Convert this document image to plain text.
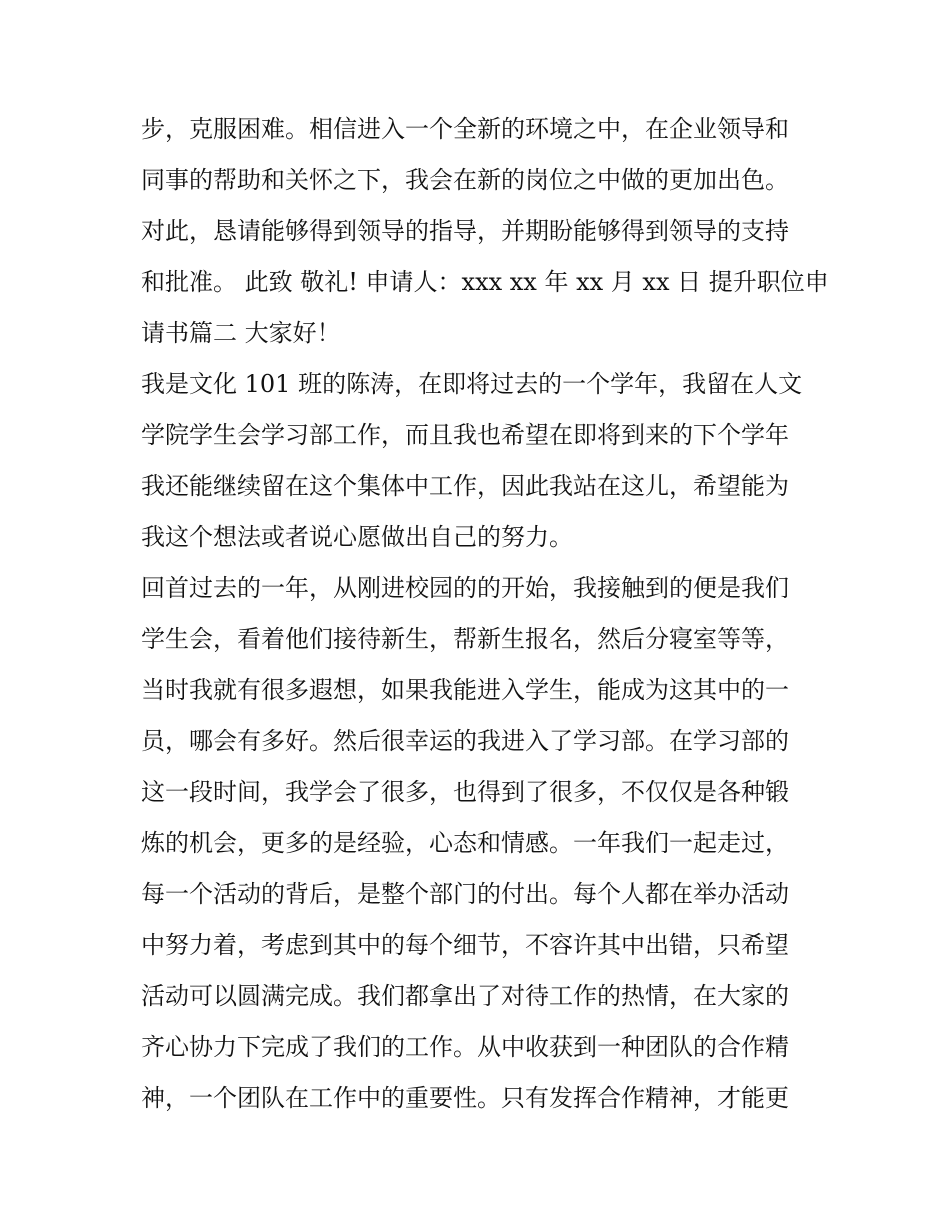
步，克服困难。相信进入一个全新的环境之中，在企业领导和
同事的帮助和关怀之下，我会在新的岗位之中做的更加出色。
对此，恳请能够得到领导的指导，并期盼能够得到领导的支持
和批准。 此致 敬礼! 申请人：xxx xx 年 xx 月 xx 日 提升职位申
请书篇二 大家好！
我是文化 101 班的陈涛，在即将过去的一个学年，我留在人文
学院学生会学习部工作，而且我也希望在即将到来的下个学年
我还能继续留在这个集体中工作，因此我站在这儿，希望能为
我这个想法或者说心愿做出自己的努力。
回首过去的一年，从刚进校园的的开始，我接触到的便是我们
学生会，看着他们接待新生，帮新生报名，然后分寝室等等，
当时我就有很多遐想，如果我能进入学生，能成为这其中的一
员，哪会有多好。然后很幸运的我进入了学习部。在学习部的
这一段时间，我学会了很多，也得到了很多，不仅仅是各种锻
炼的机会，更多的是经验，心态和情感。一年我们一起走过，
每一个活动的背后，是整个部门的付出。每个人都在举办活动
中努力着，考虑到其中的每个细节，不容许其中出错，只希望
活动可以圆满完成。我们都拿出了对待工作的热情，在大家的
齐心协力下完成了我们的工作。从中收获到一种团队的合作精
神，一个团队在工作中的重要性。只有发挥合作精神，才能更
